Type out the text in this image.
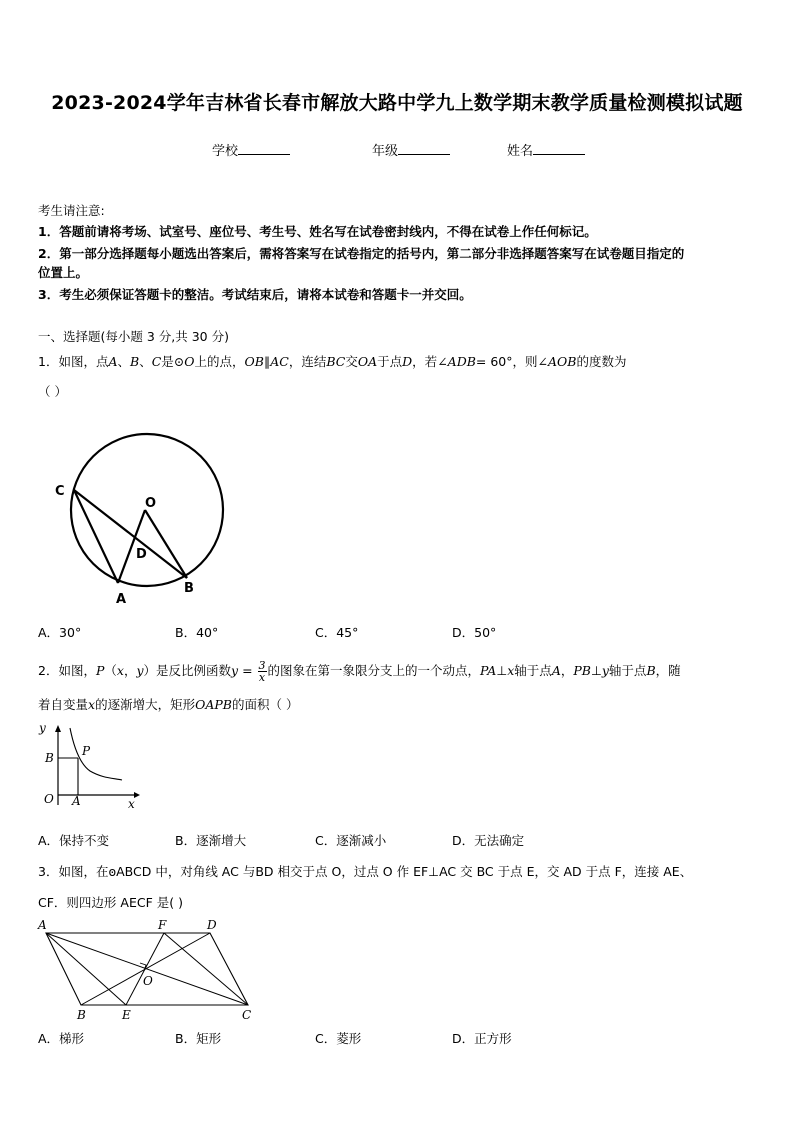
2023-2024学年吉林省长春市解放大路中学九上数学期末教学质量检测模拟试题
学校	年级	姓名
考生请注意:
1．答题前请将考场、试室号、座位号、考生号、姓名写在试卷密封线内，不得在试卷上作任何标记。
2．第一部分选择题每小题选出答案后，需将答案写在试卷指定的括号内，第二部分非选择题答案写在试卷题目指定的
位置上。
3．考生必须保证答题卡的整洁。考试结束后，请将本试卷和答题卡一并交回。
一、选择题(每小题 3 分,共 30 分)
1．如图，点A、B、C是⊙O上的点，OB∥AC，连结BC交OA于点D，若∠ADB= 60°，则∠AOB的度数为
（ ）
C
O
D
A
B
A．30°	B．40°	C．45°	D．50°
2．如图，P（x，y）是反比例函数$y = \frac{3}{x}$ 的图象在第一象限分支上的一个动点，PA⊥x轴于点A，PB⊥y轴于点B，随
着自变量x的逐渐增大，矩形OAPB的面积（ ）
y
x
O A
B P
A．保持不变	B．逐渐增大	C．逐渐减小	D．无法确定
3．如图，在ꙩABCD 中，对角线 AC 与BD 相交于点 O，过点 O 作 EF⊥AC 交 BC 于点 E，交 AD 于点 F，连接 AE、
CF．则四边形 AECF 是( )
A	F	D
O
B	E	C
A．梯形	B．矩形	C．菱形	D．正方形
